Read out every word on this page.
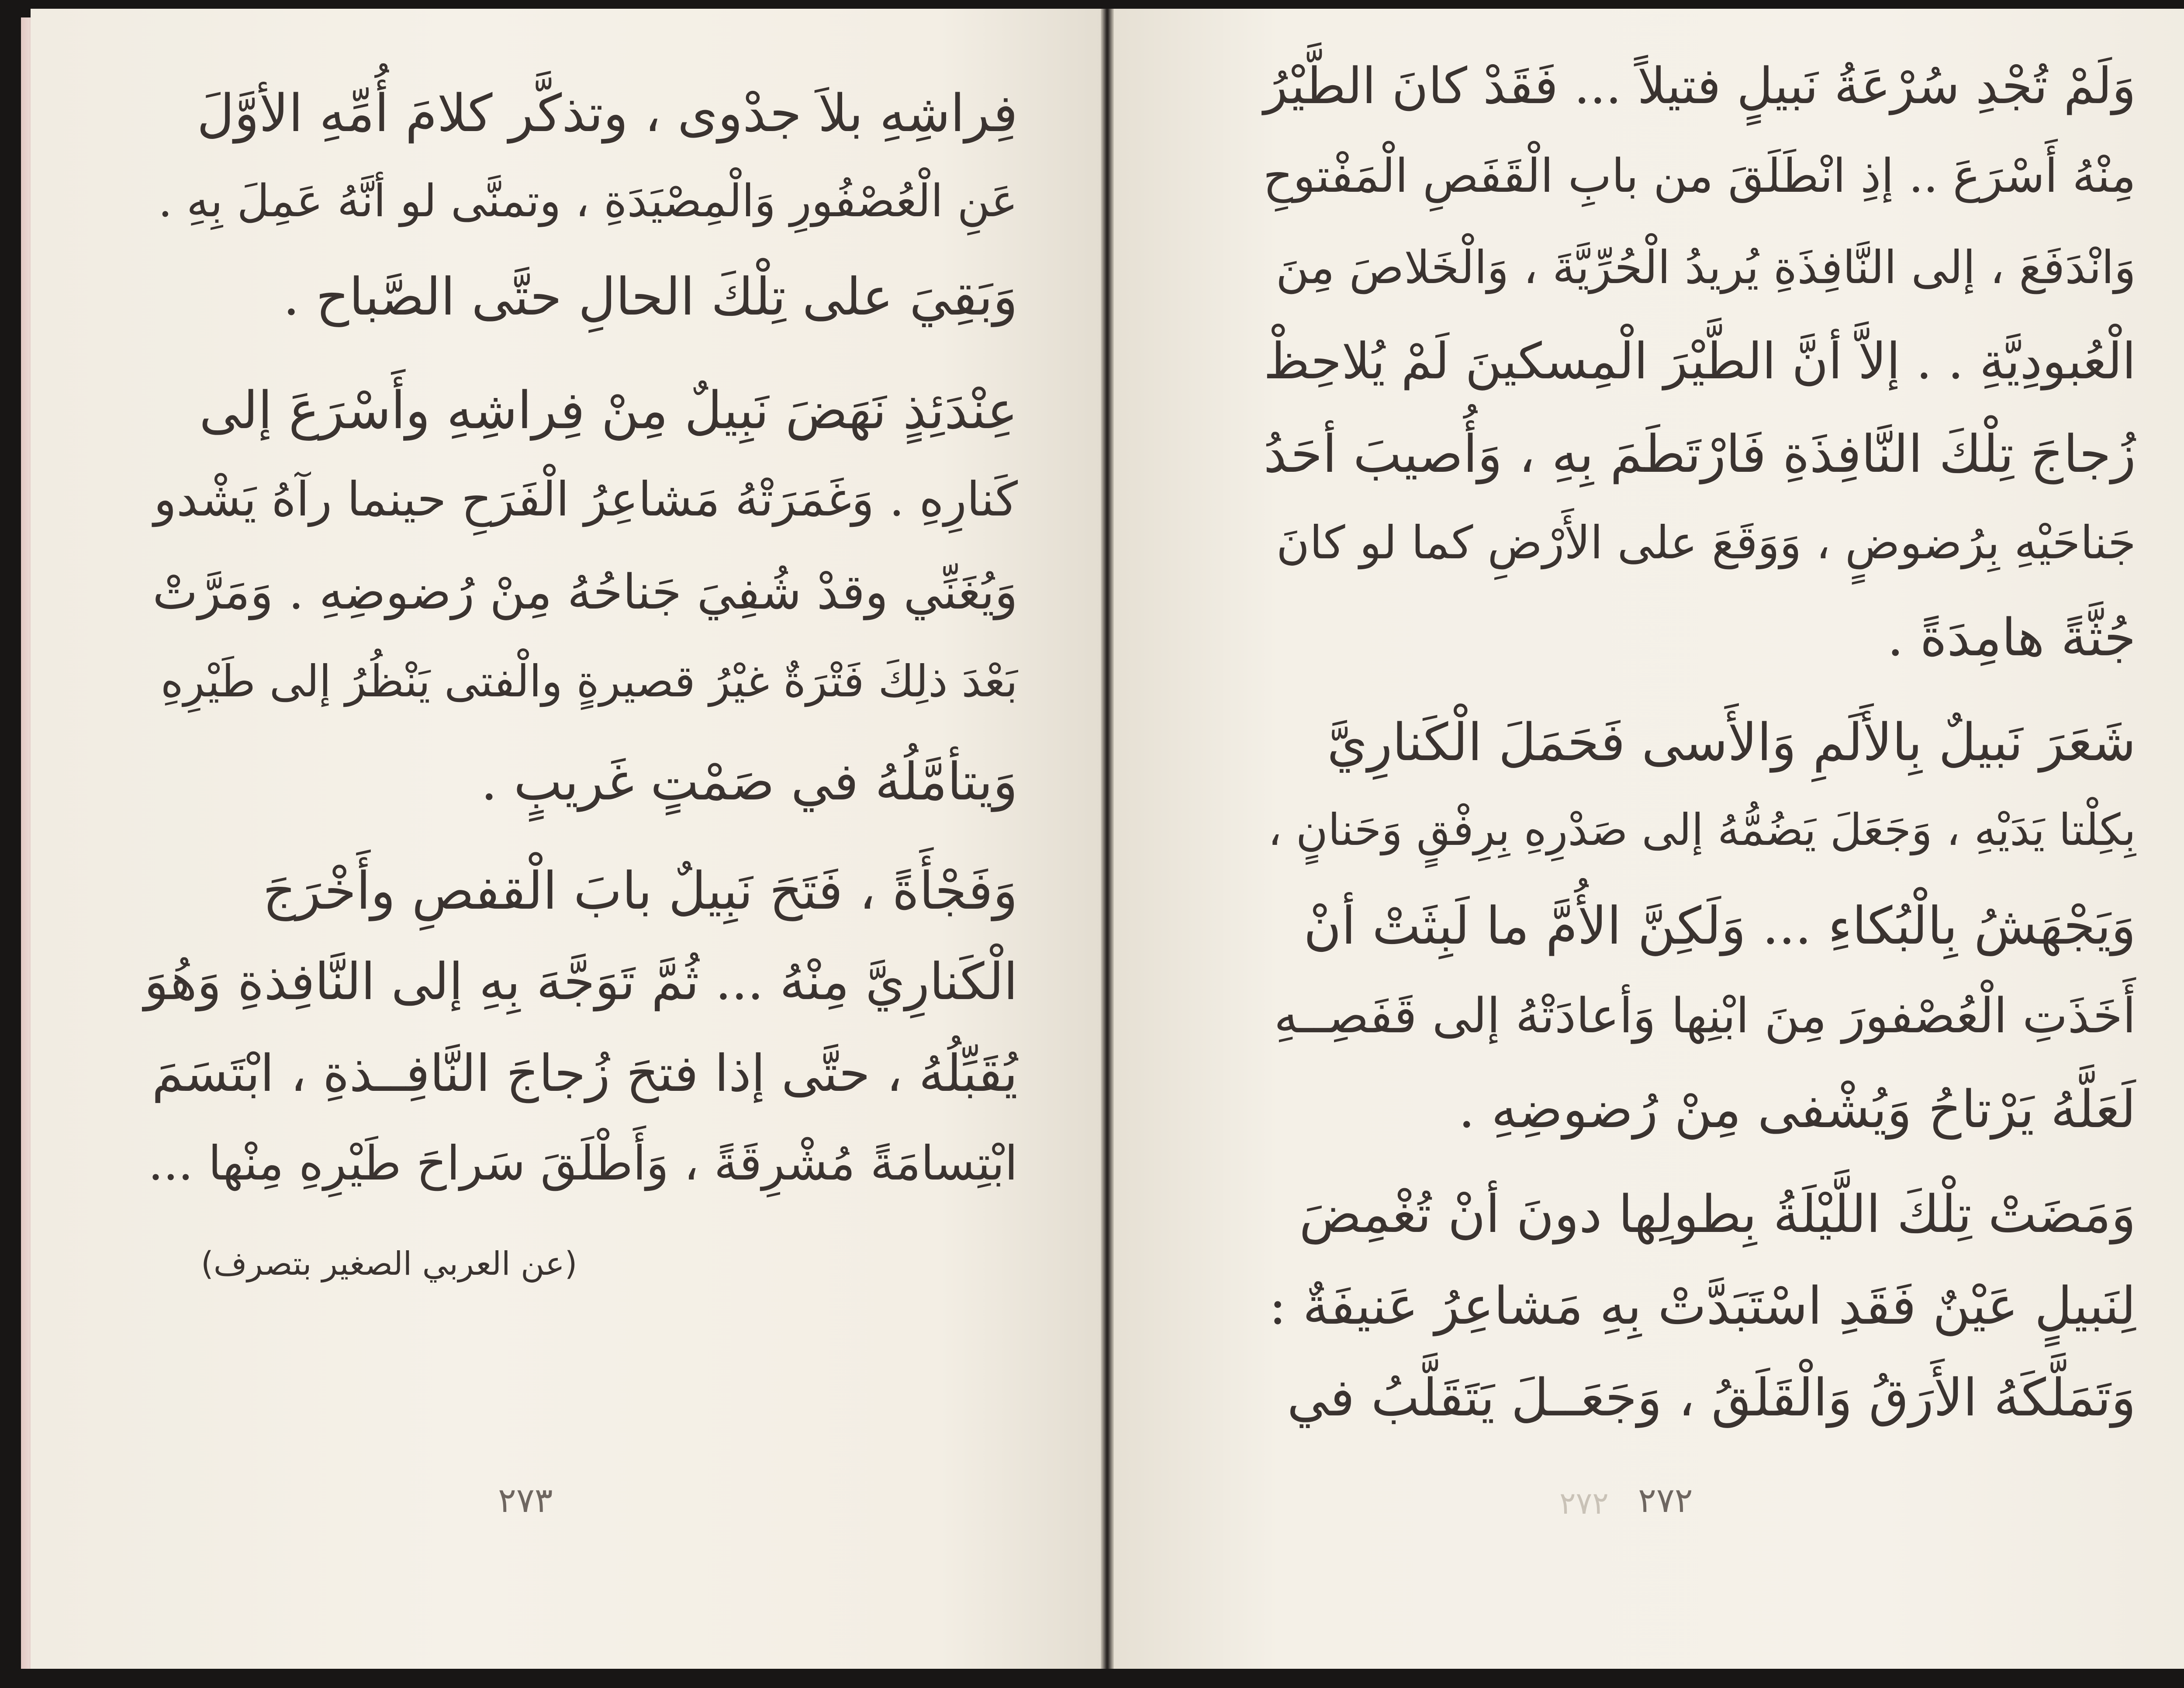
فِراشِهِ بلاَ جدْوى ، وتذكَّر كلامَ أُمِّهِ الأوَّلَ
عَنِ الْعُصْفُورِ وَالْمِصْيَدَةِ ، وتمنَّى لو أنَّهُ عَمِلَ بِهِ .
وَبَقِيَ على تِلْكَ الحالِ حتَّى الصَّباح .
عِنْدَئِذٍ نَهَضَ نَبِيلٌ مِنْ فِراشِهِ وأَسْرَعَ إلى
كَنارِهِ . وَغَمَرَتْهُ مَشاعِرُ الْفَرَحِ حينما رآهُ يَشْدو
وَيُغَنِّي وقدْ شُفِيَ جَناحُهُ مِنْ رُضوضِهِ . وَمَرَّتْ
بَعْدَ ذلِكَ فَتْرَةٌ غيْرُ قصيرةٍ والْفتى يَنْظُرُ إلى طَيْرِهِ
وَيتأمَّلُهُ في صَمْتٍ غَريبٍ .
وَفَجْأَةً ، فَتَحَ نَبِيلٌ بابَ الْقفصِ وأَخْرَجَ
الْكَنارِيَّ مِنْهُ ... ثُمَّ تَوَجَّهَ بِهِ إلى النَّافِذةِ وَهُوَ
يُقَبِّلُهُ ، حتَّى إذا فتحَ زُجاجَ النَّافِــذةِ ، ابْتَسَمَ
ابْتِسامَةً مُشْرِقَةً ، وَأَطْلَقَ سَراحَ طَيْرِهِ مِنْها ...
(عن العربي الصغير بتصرف)
٢٧٣
وَلَمْ تُجْدِ سُرْعَةُ نَبيلٍ فتيلاً ... فَقَدْ كانَ الطَّيْرُ
مِنْهُ أَسْرَعَ .. إذِ انْطَلَقَ من بابِ الْقَفَصِ الْمَفْتوحِ
وَانْدَفَعَ ، إلى النَّافِذَةِ يُريدُ الْحُرِّيَّةَ ، وَالْخَلاصَ مِنَ
الْعُبودِيَّةِ . . إلاَّ أنَّ الطَّيْرَ الْمِسكينَ لَمْ يُلاحِظْ
زُجاجَ تِلْكَ النَّافِذَةِ فَارْتَطَمَ بِهِ ، وَأُصيبَ أحَدُ
جَناحَيْهِ بِرُضوضٍ ، وَوَقَعَ على الأَرْضِ كما لو كانَ
جُثَّةً هامِدَةً .
شَعَرَ نَبيلٌ بِالأَلَمِ وَالأَسى فَحَمَلَ الْكَنارِيَّ
بِكِلْتا يَدَيْهِ ، وَجَعَلَ يَضُمُّهُ إلى صَدْرِهِ بِرِفْقٍ وَحَنانٍ ،
وَيَجْهَشُ بِالْبُكاءِ ... وَلَكِنَّ الأُمَّ ما لَبِثَتْ أنْ
أَخَذَتِ الْعُصْفورَ مِنَ ابْنِها وَأعادَتْهُ إلى قَفَصِــهِ
لَعَلَّهُ يَرْتاحُ وَيُشْفى مِنْ رُضوضِهِ .
وَمَضَتْ تِلْكَ اللَّيْلَةُ بِطولِها دونَ أنْ تُغْمِضَ
لِنَبيلٍ عَيْنٌ فَقَدِ اسْتَبَدَّتْ بِهِ مَشاعِرُ عَنيفَةٌ :
وَتَمَلَّكَهُ الأَرَقُ وَالْقَلَقُ ، وَجَعَــلَ يَتَقَلَّبُ في
٢٧٢ ٢٧٢
